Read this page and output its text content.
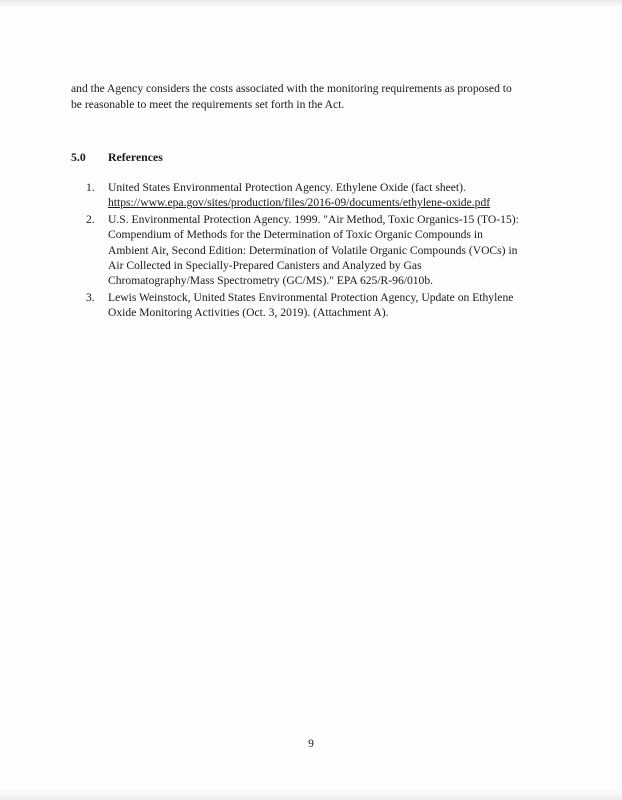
and the Agency considers the costs associated with the monitoring requirements as proposed to
be reasonable to meet the requirements set forth in the Act.
5.0 References
1. United States Environmental Protection Agency. Ethylene Oxide (fact sheet).
https://www.epa.gov/sites/production/files/2016-09/documents/ethylene-oxide.pdf
2. U.S. Environmental Protection Agency. 1999. "Air Method, Toxic Organics-15 (TO-15):
Compendium of Methods for the Determination of Toxic Organic Compounds in
Ambient Air, Second Edition: Determination of Volatile Organic Compounds (VOCs) in
Air Collected in Specially-Prepared Canisters and Analyzed by Gas
Chromatography/Mass Spectrometry (GC/MS)." EPA 625/R-96/010b.
3. Lewis Weinstock, United States Environmental Protection Agency, Update on Ethylene
Oxide Monitoring Activities (Oct. 3, 2019). (Attachment A).
9
